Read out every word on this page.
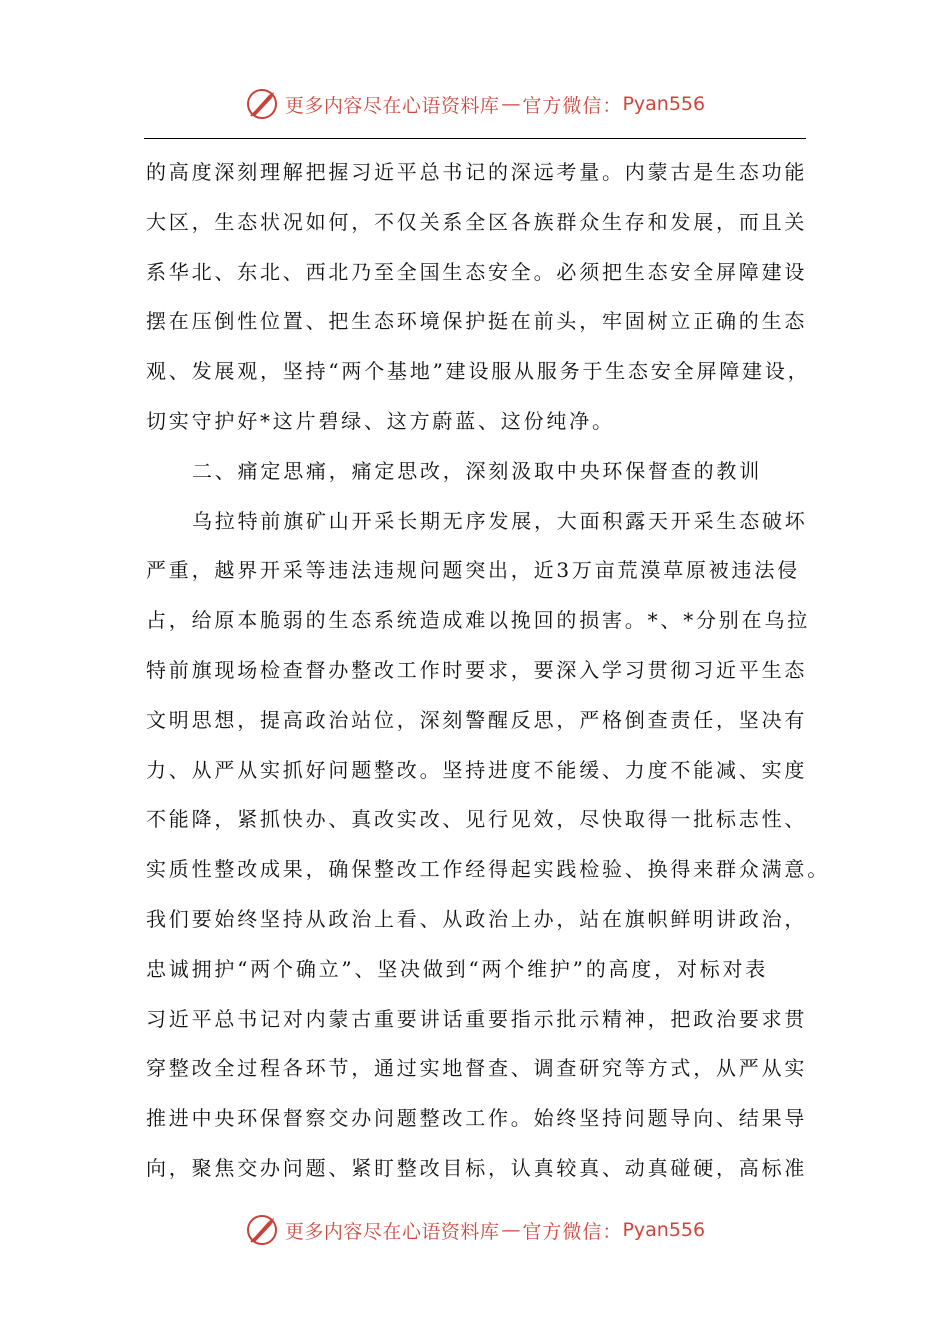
更多内容尽在心语资料库 — 官方微信： Pyan556
的高度深刻理解把握习近平总书记的深远考量。内蒙古是生态功能
大区，生态状况如何，不仅关系全区各族群众生存和发展，而且关
系华北、东北、西北乃至全国生态安全。必须把生态安全屏障建设
摆在压倒性位置、把生态环境保护挺在前头，牢固树立正确的生态
观、发展观，坚持“两个基地”建设服从服务于生态安全屏障建设，
切实守护好*这片碧绿、这方蔚蓝、这份纯净。
二、痛定思痛，痛定思改，深刻汲取中央环保督查的教训
乌拉特前旗矿山开采长期无序发展，大面积露天开采生态破坏
严重，越界开采等违法违规问题突出，近3万亩荒漠草原被违法侵
占，给原本脆弱的生态系统造成难以挽回的损害。*、*分别在乌拉
特前旗现场检查督办整改工作时要求，要深入学习贯彻习近平生态
文明思想，提高政治站位，深刻警醒反思，严格倒查责任，坚决有
力、从严从实抓好问题整改。坚持进度不能缓、力度不能减、实度
不能降，紧抓快办、真改实改、见行见效，尽快取得一批标志性、
实质性整改成果，确保整改工作经得起实践检验、换得来群众满意。
我们要始终坚持从政治上看、从政治上办，站在旗帜鲜明讲政治，
忠诚拥护“两个确立”、坚决做到“两个维护”的高度，对标对表
习近平总书记对内蒙古重要讲话重要指示批示精神，把政治要求贯
穿整改全过程各环节，通过实地督查、调查研究等方式，从严从实
推进中央环保督察交办问题整改工作。始终坚持问题导向、结果导
向，聚焦交办问题、紧盯整改目标，认真较真、动真碰硬，高标准
更多内容尽在心语资料库 — 官方微信： Pyan556
